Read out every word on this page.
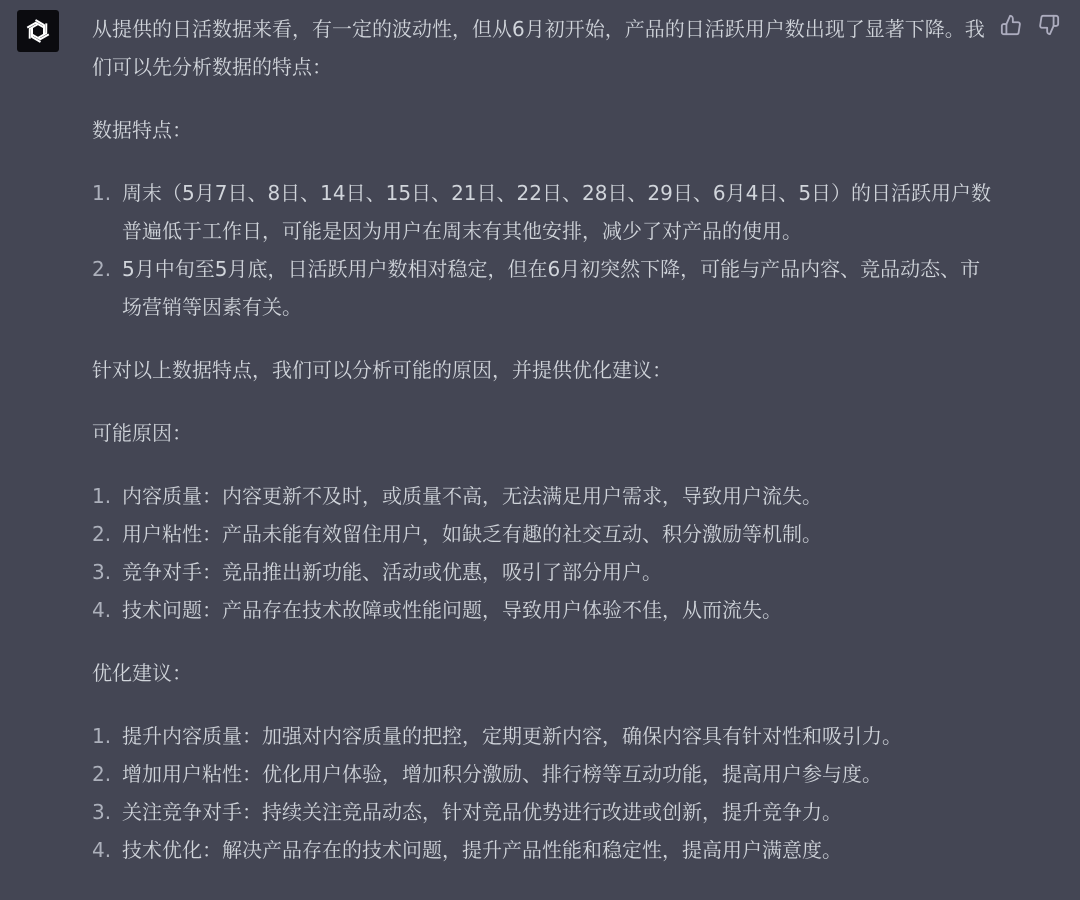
从提供的日活数据来看，有一定的波动性，但从6月初开始，产品的日活跃用户数出现了显著下降。我们可以先分析数据的特点：

数据特点：

1. 周末（5月7日、8日、14日、15日、21日、22日、28日、29日、6月4日、5日）的日活跃用户数普遍低于工作日，可能是因为用户在周末有其他安排，减少了对产品的使用。
2. 5月中旬至5月底，日活跃用户数相对稳定，但在6月初突然下降，可能与产品内容、竞品动态、市场营销等因素有关。

针对以上数据特点，我们可以分析可能的原因，并提供优化建议：

可能原因：

1. 内容质量：内容更新不及时，或质量不高，无法满足用户需求，导致用户流失。
2. 用户粘性：产品未能有效留住用户，如缺乏有趣的社交互动、积分激励等机制。
3. 竞争对手：竞品推出新功能、活动或优惠，吸引了部分用户。
4. 技术问题：产品存在技术故障或性能问题，导致用户体验不佳，从而流失。

优化建议：

1. 提升内容质量：加强对内容质量的把控，定期更新内容，确保内容具有针对性和吸引力。
2. 增加用户粘性：优化用户体验，增加积分激励、排行榜等互动功能，提高用户参与度。
3. 关注竞争对手：持续关注竞品动态，针对竞品优势进行改进或创新，提升竞争力。
4. 技术优化：解决产品存在的技术问题，提升产品性能和稳定性，提高用户满意度。
